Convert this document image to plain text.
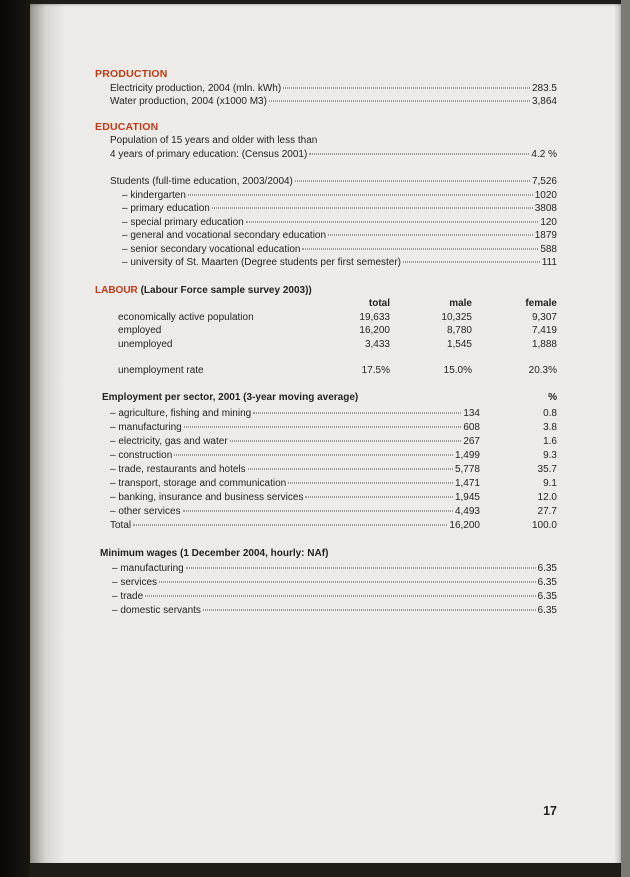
PRODUCTION
Electricity production, 2004 (mln. kWh)	283.5
Water production, 2004 (x1000 M3)	3,864
EDUCATION
Population of 15 years and older with less than
4 years of primary education: (Census 2001)	4.2 %
Students (full-time education, 2003/2004)	7,526
– kindergarten	1020
– primary education	3808
– special primary education	120
– general and vocational secondary education	1879
– senior secondary vocational education	588
– university of St. Maarten (Degree students per first semester)	111
LABOUR (Labour Force sample survey 2003))
total	male	female
economically active population	19,633	10,325	9,307
employed	16,200	8,780	7,419
unemployed	3,433	1,545	1,888
unemployment rate	17.5%	15.0%	20.3%
Employment per sector, 2001 (3-year moving average)	%
– agriculture, fishing and mining	134	0.8
– manufacturing	608	3.8
– electricity, gas and water	267	1.6
– construction	1,499	9.3
– trade, restaurants and hotels	5,778	35.7
– transport, storage and communication	1,471	9.1
– banking, insurance and business services	1,945	12.0
– other services	4,493	27.7
Total	16,200	100.0
Minimum wages (1 December 2004, hourly: NAf)
– manufacturing	6.35
– services	6.35
– trade	6.35
– domestic servants	6.35
17
